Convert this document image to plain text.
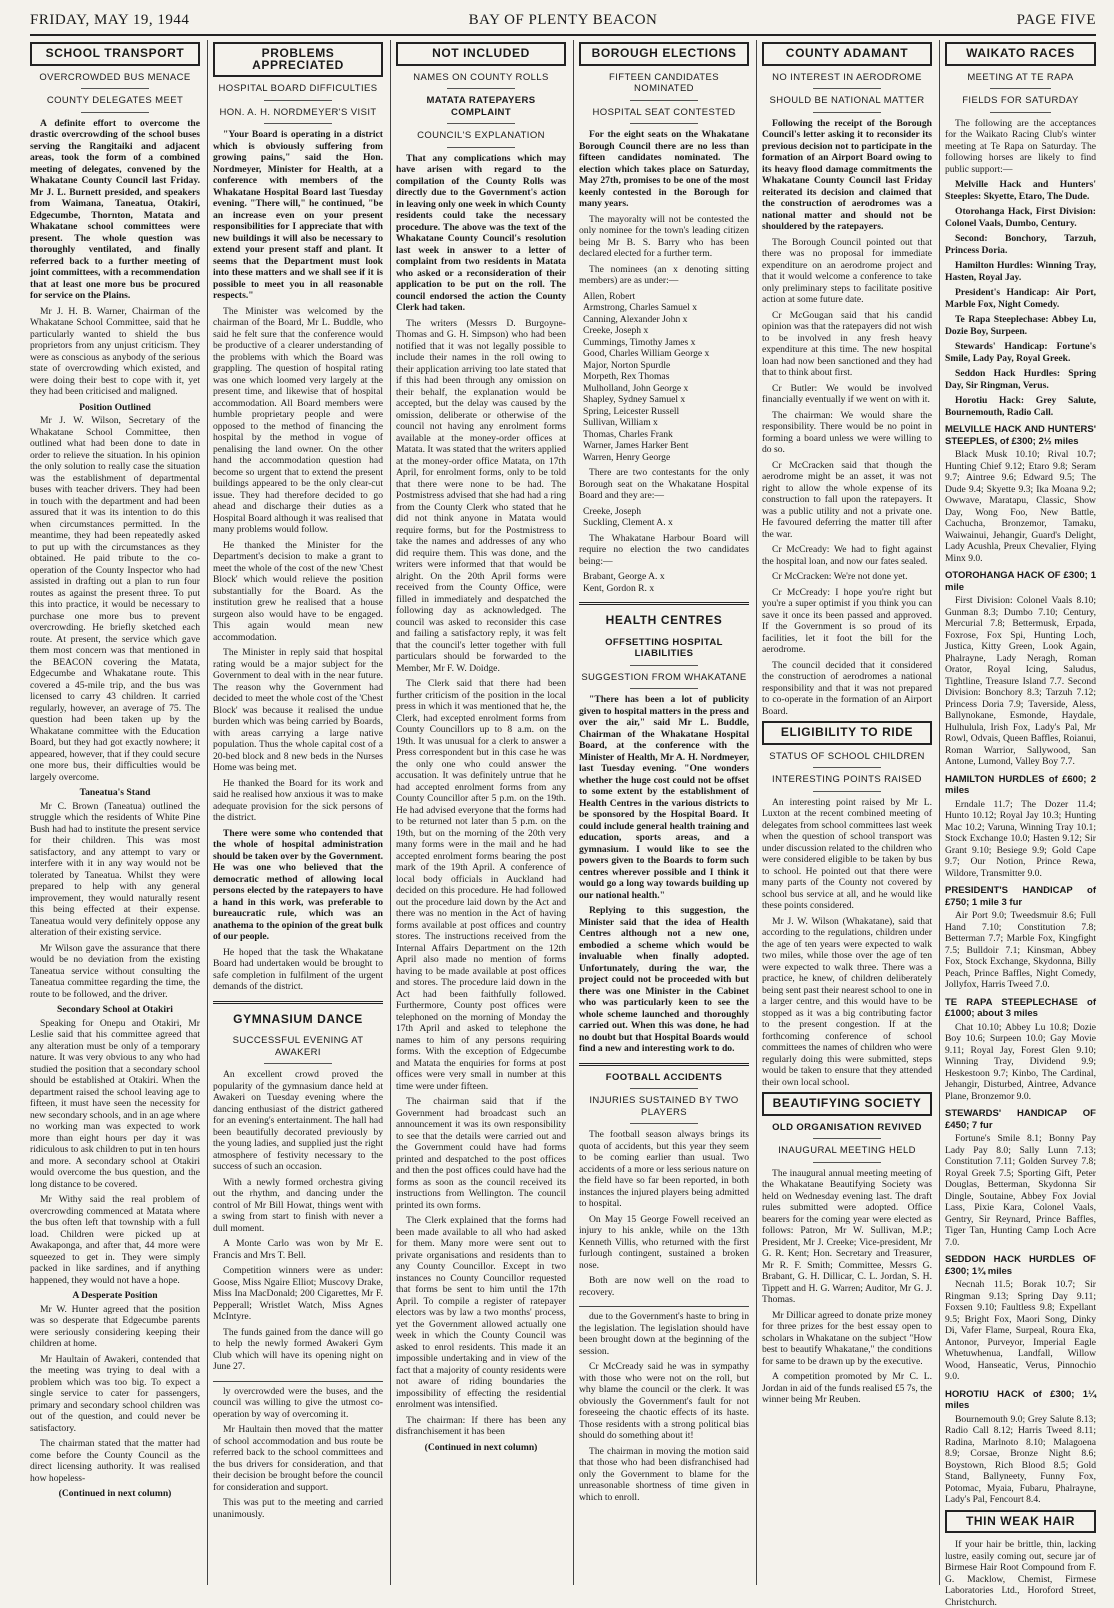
FRIDAY, MAY 19, 1944	BAY OF PLENTY BEACON	PAGE FIVE
SCHOOL TRANSPORT
OVERCROWDED BUS MENACE
COUNTY DELEGATES MEET

A definite effort to overcome the drastic overcrowding of the school buses serving the Rangitaiki and adjacent areas, took the form of a combined meeting of delegates, convened by the Whakatane County Council last Friday. Mr J. L. Burnett presided, and speakers from Waimana, Taneatua, Otakiri, Edgecumbe, Thornton, Matata and Whakatane school committees were present. The whole question was thoroughly ventilated, and finally referred back to a further meeting of joint committees, with a recommendation that at least one more bus be procured for service on the Plains.

Mr J. H. B. Warner, Chairman of the Whakatane School Committee, said that he particularly wanted to shield the bus proprietors from any unjust criticism. They were as conscious as anybody of the serious state of overcrowding which existed, and were doing their best to cope with it, yet they had been criticised and maligned.

Position Outlined

Mr J. W. Wilson, Secretary of the Whakatane School Committee, then outlined what had been done to date in order to relieve the situation. In his opinion the only solution to really case the situation was the establishment of departmental buses with teacher drivers. They had been in touch with the department and had been assured that it was its intention to do this when circumstances permitted. In the meantime, they had been repeatedly asked to put up with the circumstances as they obtained. He paid tribute to the co-operation of the County Inspector who had assisted in drafting out a plan to run four routes as against the present three. To put this into practice, it would be necessary to purchase one more bus to prevent overcrowding. He briefly sketched each route. At present, the service which gave them most concern was that mentioned in the BEACON covering the Matata, Edgecumbe and Whakatane route. This covered a 45-mile trip, and the bus was licensed to carry 43 children. It carried regularly, however, an average of 75. The question had been taken up by the Whakatane committee with the Education Board, but they had got exactly nowhere; it appeared, however, that if they could secure one more bus, their difficulties would be largely overcome.

Taneatua's Stand

Mr C. Brown (Taneatua) outlined the struggle which the residents of White Pine Bush had had to institute the present service for their children. This was most satisfactory, and any attempt to vary or interfere with it in any way would not be tolerated by Taneatua. Whilst they were prepared to help with any general improvement, they would naturally resent this being effected at their expense. Taneatua would very definitely oppose any alteration of their existing service.

Mr Wilson gave the assurance that there would be no deviation from the existing Taneatua service without consulting the Taneatua committee regarding the time, the route to be followed, and the driver.

Secondary School at Otakiri

Speaking for Onepu and Otakiri, Mr Leslie said that his committee agreed that any alteration must be only of a temporary nature. It was very obvious to any who had studied the position that a secondary school should be established at Otakiri. When the department raised the school leaving age to fifteen, it must have seen the necessity for new secondary schools, and in an age where no working man was expected to work more than eight hours per day it was ridiculous to ask children to put in ten hours and more. A secondary school at Otakiri would overcome the bus question, and the long distance to be covered.

Mr Withy said the real problem of overcrowding commenced at Matata where the bus often left that township with a full load. Children were picked up at Awakaponga, and after that, 44 more were squeezed to get in. They were simply packed in like sardines, and if anything happened, they would not have a hope.

A Desperate Position

Mr W. Hunter agreed that the position was so desperate that Edgecumbe parents were seriously considering keeping their children at home.

Mr Haultain of Awakeri, contended that the meeting was trying to deal with a problem which was too big. To expect a single service to cater for passengers, primary and secondary school children was out of the question, and could never be satisfactory.

The chairman stated that the matter had come before the County Council as the direct licensing authority. It was realised how hopeless-

(Continued in next column)
PROBLEMS APPRECIATED
HOSPITAL BOARD DIFFICULTIES
HON. A. H. NORDMEYER'S VISIT

"Your Board is operating in a district which is obviously suffering from growing pains," said the Hon. Nordmeyer, Minister for Health, at a conference with members of the Whakatane Hospital Board last Tuesday evening. "There will," he continued, "be an increase even on your present responsibilities for I appreciate that with new buildings it will also be necessary to extend your present staff and plant. It seems that the Department must look into these matters and we shall see if it is possible to meet you in all reasonable respects."

The Minister was welcomed by the chairman of the Board, Mr L. Buddle, who said he felt sure that the conference would be productive of a clearer understanding of the problems with which the Board was grappling. The question of hospital rating was one which loomed very largely at the present time, and likewise that of hospital accommodation. All Board members were humble proprietary people and were opposed to the method of financing the hospital by the method in vogue of penalising the land owner. On the other hand the accommodation question had become so urgent that to extend the present buildings appeared to be the only clear-cut issue. They had therefore decided to go ahead and discharge their duties as a Hospital Board although it was realised that many problems would follow.

He thanked the Minister for the Department's decision to make a grant to meet the whole of the cost of the new 'Chest Block' which would relieve the position substantially for the Board. As the institution grew he realised that a house surgeon also would have to be engaged. This again would mean new accommodation.

The Minister in reply said that hospital rating would be a major subject for the Government to deal with in the near future. The reason why the Government had decided to meet the whole cost of the 'Chest Block' was because it realised the undue burden which was being carried by Boards, with areas carrying a large native population. Thus the whole capital cost of a 20-bed block and 8 new beds in the Nurses Home was being met.

He thanked the Board for its work and said he realised how anxious it was to make adequate provision for the sick persons of the district.

There were some who contended that the whole of hospital administration should be taken over by the Government. He was one who believed that the democratic method of allowing local persons elected by the ratepayers to have a hand in this work, was preferable to bureaucratic rule, which was an anathema to the opinion of the great bulk of our people.

He hoped that the task the Whakatane Board had undertaken would be brought to safe completion in fulfilment of the urgent demands of the district.

GYMNASIUM DANCE
SUCCESSFUL EVENING AT AWAKERI

An excellent crowd proved the popularity of the gymnasium dance held at Awakeri on Tuesday evening where the dancing enthusiast of the district gathered for an evening's entertainment. The hall had been beautifully decorated previously by the young ladies, and supplied just the right atmosphere of festivity necessary to the success of such an occasion.

With a newly formed orchestra giving out the rhythm, and dancing under the control of Mr Bill Howat, things went with a swing from start to finish with never a dull moment.

A Monte Carlo was won by Mr E. Francis and Mrs T. Bell.

Competition winners were as under: Goose, Miss Ngaire Elliot; Muscovy Drake, Miss Ina MacDonald; 200 Cigarettes, Mr F. Pepperall; Wristlet Watch, Miss Agnes McIntyre.

The funds gained from the dance will go to help the newly formed Awakeri Gym Club which will have its opening night on June 27.

ly overcrowded were the buses, and the council was willing to give the utmost co-operation by way of overcoming it.

Mr Haultain then moved that the matter of school accommodation and bus route be referred back to the school committees and the bus drivers for consideration, and that their decision be brought before the council for consideration and support.

This was put to the meeting and carried unanimously.

NOT INCLUDED
NAMES ON COUNTY ROLLS
MATATA RATEPAYERS COMPLAINT
COUNCIL'S EXPLANATION

That any complications which may have arisen with regard to the compilation of the County Rolls was directly due to the Government's action in leaving only one week in which County residents could take the necessary procedure. The above was the text of the Whakatane County Council's resolution last week in answer to a letter of complaint from two residents in Matata who asked or a reconsideration of their application to be put on the roll. The council endorsed the action the County Clerk had taken.

The writers (Messrs D. Burgoyne-Thomas and G. H. Simpson) who had been notified that it was not legally possible to include their names in the roll owing to their application arriving too late stated that if this had been through any omission on their behalf, the explanation would be accepted, but the delay was caused by the omission, deliberate or otherwise of the council not having any enrolment forms available at the money-order offices at Matata. It was stated that the writers applied at the money-order office Matata, on 17th April, for enrolment forms, only to be told that there were none to be had. The Postmistress advised that she had had a ring from the County Clerk who stated that he did not think anyone in Matata would require forms, but for the Postmistress to take the names and addresses of any who did require them. This was done, and the writers were informed that that would be alright. On the 20th April forms were received from the County Office, were filled in immediately and despatched the following day as acknowledged. The council was asked to reconsider this case and failing a satisfactory reply, it was felt that the council's letter together with full particulars should be forwarded to the Member, Mr F. W. Doidge.

The Clerk said that there had been further criticism of the position in the local press in which it was mentioned that he, the Clerk, had excepted enrolment forms from County Councillors up to 8 a.m. on the 19th. It was unusual for a clerk to answer a Press correspondent but in this case he was the only one who could answer the accusation. It was definitely untrue that he had accepted enrolment forms from any County Councillor after 5 p.m. on the 19th. He had advised everyone that the forms had to be returned not later than 5 p.m. on the 19th, but on the morning of the 20th very many forms were in the mail and he had accepted enrolment forms bearing the post mark of the 19th April. A conference of local body officials in Auckland had decided on this procedure. He had followed out the procedure laid down by the Act and there was no mention in the Act of having forms available at post offices and country stores. The instructions received from the Internal Affairs Department on the 12th April also made no mention of forms having to be made available at post offices and stores. The procedure laid down in the Act had been faithfully followed. Furthermore, County post offices were telephoned on the morning of Monday the 17th April and asked to telephone the names to him of any persons requiring forms. With the exception of Edgecumbe and Matata the enquiries for forms at post offices were very small in number at this time were under fifteen.

The chairman said that if the Government had broadcast such an announcement it was its own responsibility to see that the details were carried out and the Government could have had forms printed and despatched to the post offices and then the post offices could have had the forms as soon as the council received its instructions from Wellington. The council printed its own forms.

The Clerk explained that the forms had been made available to all who had asked for them. Many more were sent out to private organisations and residents than to any County Councillor. Except in two instances no County Councillor requested that forms be sent to him until the 17th April. To compile a register of ratepayer electors was by law a two months' process, yet the Government allowed actually one week in which the County Council was asked to enrol residents. This made it an impossible undertaking and in view of the fact that a majority of county residents were not aware of riding boundaries the impossibility of effecting the residential enrolment was intensified.

The chairman: If there has been any disfranchisement it has been

(Continued in next column)
BOROUGH ELECTIONS
FIFTEEN CANDIDATES NOMINATED
HOSPITAL SEAT CONTESTED

For the eight seats on the Whakatane Borough Council there are no less than fifteen candidates nominated. The election which takes place on Saturday, May 27th, promises to be one of the most keenly contested in the Borough for many years.

The mayoralty will not be contested the only nominee for the town's leading citizen being Mr B. S. Barry who has been declared elected for a further term.

The nominees (an x denoting sitting members) are as under:—

Allen, Robert
Armstrong, Charles Samuel x
Canning, Alexander John x
Creeke, Joseph x
Cummings, Timothy James x
Good, Charles William George x
Major, Norton Spurdle
Morpeth, Rex Thomas
Mulholland, John George x
Shapley, Sydney Samuel x
Spring, Leicester Russell
Sullivan, William x
Thomas, Charles Frank
Warner, James Harker Bent
Warren, Henry George

There are two contestants for the only Borough seat on the Whakatane Hospital Board and they are:—

Creeke, Joseph
Suckling, Clement A. x

The Whakatane Harbour Board will require no election the two candidates being:—

Brabant, George A. x
Kent, Gordon R. x
HEALTH CENTRES
OFFSETTING HOSPITAL LIABILITIES
SUGGESTION FROM WHAKATANE

"There has been a lot of publicity given to hospital matters in the press and over the air," said Mr L. Buddle, Chairman of the Whakatane Hospital Board, at the conference with the Minister of Health, Mr A. H. Nordmeyer, last Tuesday evening. "One wonders whether the huge cost could not be offset to some extent by the establishment of Health Centres in the various districts to be sponsored by the Hospital Board. It could include general health training and education, sports areas, and a gymnasium. I would like to see the powers given to the Boards to form such centres wherever possible and I think it would go a long way towards building up our national health."

Replying to this suggestion, the Minister said that the idea of Health Centres although not a new one, embodied a scheme which would be invaluable when finally adopted. Unfortunately, during the war, the project could not be proceeded with but there was one Minister in the Cabinet who was particularly keen to see the whole scheme launched and thoroughly carried out. When this was done, he had no doubt but that Hospital Boards would find a new and interesting work to do.

FOOTBALL ACCIDENTS
INJURIES SUSTAINED BY TWO PLAYERS

The football season always brings its quota of accidents, but this year they seem to be coming earlier than usual. Two accidents of a more or less serious nature on the field have so far been reported, in both instances the injured players being admitted to hospital.

On May 15 George Fowell received an injury to his ankle, while on the 13th Kenneth Villis, who returned with the first furlough contingent, sustained a broken nose.

Both are now well on the road to recovery.

due to the Government's haste to bring in the legislation. The legislation should have been brought down at the beginning of the session.

Cr McCready said he was in sympathy with those who were not on the roll, but why blame the council or the clerk. It was obviously the Government's fault for not foreseeing the chaotic effects of its haste. Those residents with a strong political bias should do something about it!

The chairman in moving the motion said that those who had been disfranchised had only the Government to blame for the unreasonable shortness of time given in which to enroll.

COUNTY ADAMANT
NO INTEREST IN AERODROME
SHOULD BE NATIONAL MATTER

Following the receipt of the Borough Council's letter asking it to reconsider its previous decision not to participate in the formation of an Airport Board owing to its heavy flood damage commitments the Whakatane County Council last Friday reiterated its decision and claimed that the construction of aerodromes was a national matter and should not be shouldered by the ratepayers.

The Borough Council pointed out that there was no proposal for immediate expenditure on an aerodrome project and that it would welcome a conference to take only preliminary steps to facilitate positive action at some future date.

Cr McGougan said that his candid opinion was that the ratepayers did not wish to be involved in any fresh heavy expenditure at this time. The new hospital loan had now been sanctioned and they had that to think about first.

Cr Butler: We would be involved financially eventually if we went on with it.

The chairman: We would share the responsibility. There would be no point in forming a board unless we were willing to do so.

Cr McCracken said that though the aerodrome might be an asset, it was not right to allow the whole expense of its construction to fall upon the ratepayers. It was a public utility and not a private one. He favoured deferring the matter till after the war.

Cr McCready: We had to fight against the hospital loan, and now our fates sealed.

Cr McCracken: We're not done yet.

Cr McCready: I hope you're right but you're a super optimist if you think you can save it once its been passed and approved. If the Government is so proud of its facilities, let it foot the bill for the aerodrome.

The council decided that it considered the construction of aerodromes a national responsibility and that it was not prepared to co-operate in the formation of an Airport Board.

ELIGIBILITY TO RIDE
STATUS OF SCHOOL CHILDREN
INTERESTING POINTS RAISED

An interesting point raised by Mr L. Luxton at the recent combined meeting of delegates from school committees last week when the question of school transport was under discussion related to the children who were considered eligible to be taken by bus to school. He pointed out that there were many parts of the County not covered by school bus service at all, and he would like these points considered.

Mr J. W. Wilson (Whakatane), said that according to the regulations, children under the age of ten years were expected to walk two miles, while those over the age of ten were expected to walk three. There was a practice, he knew, of children deliberately being sent past their nearest school to one in a larger centre, and this would have to be stopped as it was a big contributing factor to the present congestion. If at the forthcoming conference of school committees the names of children who were regularly doing this were submitted, steps would be taken to ensure that they attended their own local school.

BEAUTIFYING SOCIETY
OLD ORGANISATION REVIVED
INAUGURAL MEETING HELD

The inaugural annual meeting meeting of the Whakatane Beautifying Society was held on Wednesday evening last. The draft rules submitted were adopted. Office bearers for the coming year were elected as follows: Patron, Mr W. Sullivan, M.P.; President, Mr J. Creeke; Vice-president, Mr G. R. Kent; Hon. Secretary and Treasurer, Mr R. F. Smith; Committee, Messrs G. Brabant, G. H. Dillicar, C. L. Jordan, S. H. Tippett and H. G. Warren; Auditor, Mr G. J. Thomas.

Mr Dillicar agreed to donate prize money for three prizes for the best essay open to scholars in Whakatane on the subject "How best to beautify Whakatane," the conditions for same to be drawn up by the executive.

A competition promoted by Mr C. L. Jordan in aid of the funds realised £5 7s, the winner being Mr Reuben.

WAIKATO RACES
MEETING AT TE RAPA
FIELDS FOR SATURDAY

The following are the acceptances for the Waikato Racing Club's winter meeting at Te Rapa on Saturday. The following horses are likely to find public support:—

Melville Hack and Hunters' Steeples: Skyette, Etaro, The Dude.

Otorohanga Hack, First Division: Colonel Vaals, Dumbo, Century.

Second: Bonchory, Tarzuh, Princess Doria.

Hamilton Hurdles: Winning Tray, Hasten, Royal Jay.

President's Handicap: Air Port, Marble Fox, Night Comedy.

Te Rapa Steeplechase: Abbey Lu, Dozie Boy, Surpeen.

Stewards' Handicap: Fortune's Smile, Lady Pay, Royal Greek.

Seddon Hack Hurdles: Spring Day, Sir Ringman, Verus.

Horotiu Hack: Grey Salute, Bournemouth, Radio Call.

MELVILLE HACK AND HUNTERS' STEEPLES, of £300; 2½ miles

Black Musk 10.10; Rival 10.7; Hunting Chief 9.12; Etaro 9.8; Seram 9.7; Aintree 9.6; Edward 9.5; The Dude 9.4; Skyette 9.3; Ika Moana 9.2; Owwave, Maratapu, Classic, Show Day, Wong Foo, New Battle, Cachucha, Bronzemor, Tamaku, Waiwainui, Jehangir, Guard's Delight, Lady Acushla, Preux Chevalier, Flying Minx 9.0.

OTOROHANGA HACK OF £300; 1 mile

First Division: Colonel Vaals 8.10; Gunman 8.3; Dumbo 7.10; Century, Mercurial 7.8; Bettermusk, Erpada, Foxrose, Fox Spi, Hunting Loch, Justica, Kitty Green, Look Again, Phalrayne, Lady Neragh, Roman Orator, Royal Icing, Saludus, Tightline, Treasure Island 7.7. Second Division: Bonchory 8.3; Tarzuh 7.12; Princess Doria 7.9; Taverside, Aless, Ballynokane, Esmonde, Haydale, Hulhulula, Irish Fox, Lady's Pal, Mr Rowl, Odvais, Queen Baffles, Roianui, Roman Warrior, Sallywood, San Antone, Lumond, Valley Boy 7.7.

HAMILTON HURDLES of £600; 2 miles

Erndale 11.7; The Dozer 11.4; Hunto 10.12; Royal Jay 10.3; Hunting Mac 10.2; Varuna, Winning Tray 10.1; Stock Exchange 10.0; Hasten 9.12; Sir Grant 9.10; Besiege 9.9; Gold Cape 9.7; Our Notion, Prince Rewa, Wildore, Transmitter 9.0.

PRESIDENT'S HANDICAP of £750; 1 mile 3 fur

Air Port 9.0; Tweedsmuir 8.6; Full Hand 7.10; Constitution 7.8; Betterman 7.7; Marble Fox, Kingfight 7.5; Bulldoir 7.1; Kinsman, Abbey Fox, Stock Exchange, Skydonna, Billy Peach, Prince Baffles, Night Comedy, Jollyfox, Harris Tweed 7.0.

TE RAPA STEEPLECHASE of £1000; about 3 miles

Chat 10.10; Abbey Lu 10.8; Dozie Boy 10.6; Surpeen 10.0; Gay Movie 9.11; Royal Jay, Forest Glen 9.10; Winning Tray, Dividend 9.9; Heskestoon 9.7; Kinbo, The Cardinal, Jehangir, Disturbed, Aintree, Advance Plane, Bronzemor 9.0.

STEWARDS' HANDICAP OF £450; 7 fur

Fortune's Smile 8.1; Bonny Pay Lady Pay 8.0; Sally Lunn 7.13; Constitution 7.11; Golden Survey 7.8; Royal Greek 7.5; Sporting Gift, Peter Douglas, Betterman, Skydonna Sir Dingle, Soutaine, Abbey Fox Jovial Lass, Pixie Kara, Colonel Vaals, Gentry, Sir Reynard, Prince Baffles, Tiger Tan, Hunting Camp Loch Acre 7.0.

SEDDON HACK HURDLES OF £300; 1¾ miles

Necnah 11.5; Borak 10.7; Sir Ringman 9.13; Spring Day 9.11; Foxsen 9.10; Faultless 9.8; Expellant 9.5; Bright Fox, Maori Song, Dinky Di, Vafer Flame, Surpeal, Roura Eka, Antonor, Purveyor, Imperial Eagle Whetuwhenua, Landfall, Willow Wood, Hanseatic, Verus, Pinnochio 9.0.

HOROTIU HACK of £300; 1¼ miles

Bournemouth 9.0; Grey Salute 8.13; Radio Call 8.12; Harris Tweed 8.11; Radina, Marlnoto 8.10; Malagoena 8.9; Corsae, Bronze Night 8.6; Boystown, Rich Blood 8.5; Gold Stand, Ballyneety, Funny Fox, Potomac, Myaia, Fubaru, Phalrayne, Lady's Pal, Fencourt 8.4.

THIN WEAK HAIR

If your hair be brittle, thin, lacking lustre, easily coming out, secure jar of Birmese Hair Root Compound from F. G. Macklow, Chemist, Firmese Laboratories Ltd., Horoford Street, Christchurch.
